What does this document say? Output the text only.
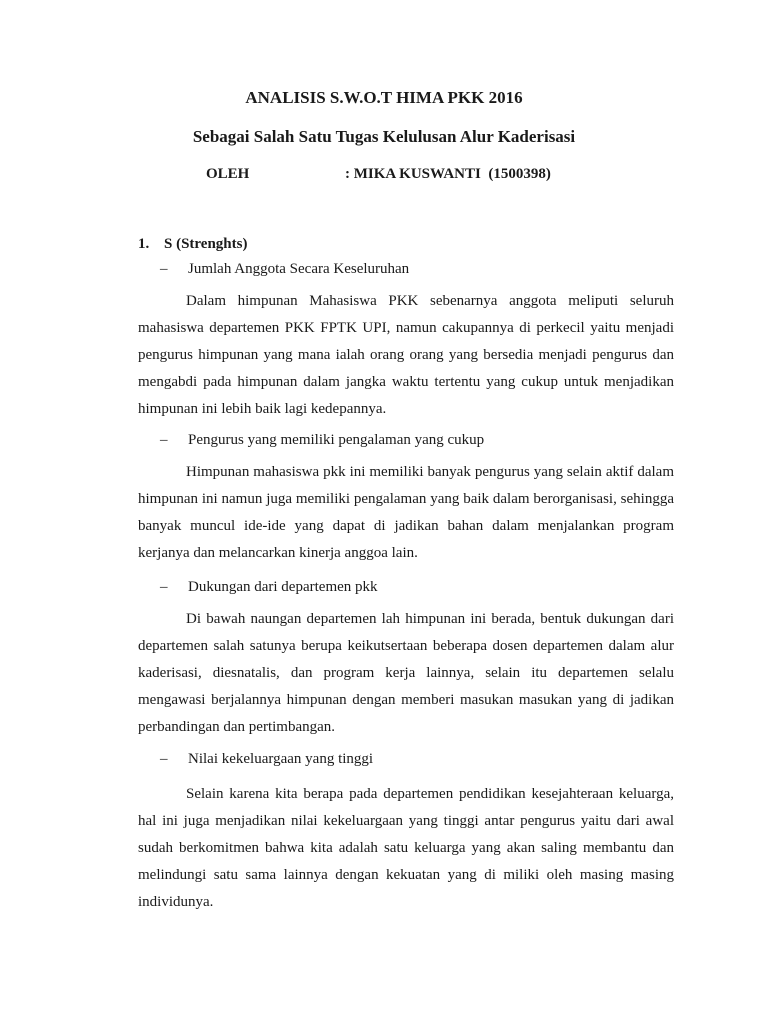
ANALISIS S.W.O.T HIMA PKK 2016
Sebagai Salah Satu Tugas Kelulusan Alur Kaderisasi
OLEH	: MIKA KUSWANTI  (1500398)
1. S (Strenghts)

– Jumlah Anggota Secara Keseluruhan

Dalam himpunan Mahasiswa PKK sebenarnya anggota meliputi seluruh mahasiswa departemen PKK FPTK UPI, namun cakupannya di perkecil yaitu menjadi pengurus himpunan yang mana ialah orang orang yang bersedia menjadi pengurus dan mengabdi pada himpunan dalam jangka waktu tertentu yang cukup untuk menjadikan himpunan ini lebih baik lagi kedepannya.

– Pengurus yang memiliki pengalaman yang cukup

Himpunan mahasiswa pkk ini memiliki banyak pengurus yang selain aktif dalam himpunan ini namun juga memiliki pengalaman yang baik dalam berorganisasi, sehingga banyak muncul ide-ide yang dapat di jadikan bahan dalam menjalankan program kerjanya dan melancarkan kinerja anggoa lain.

– Dukungan dari departemen pkk

Di bawah naungan departemen lah himpunan ini berada, bentuk dukungan dari departemen salah satunya berupa keikutsertaan beberapa dosen departemen dalam alur kaderisasi, diesnatalis, dan program kerja lainnya, selain itu departemen selalu mengawasi berjalannya himpunan dengan memberi masukan masukan yang di jadikan perbandingan dan pertimbangan.

– Nilai kekeluargaan yang tinggi

Selain karena kita berapa pada departemen pendidikan kesejahteraan keluarga, hal ini juga menjadikan nilai kekeluargaan yang tinggi antar pengurus yaitu dari awal sudah berkomitmen bahwa kita adalah satu keluarga yang akan saling membantu dan melindungi satu sama lainnya dengan kekuatan yang di miliki oleh masing masing individunya.
